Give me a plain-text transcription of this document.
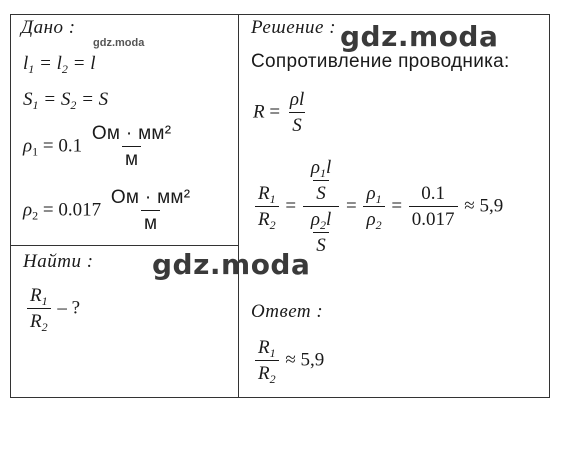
Дано :
gdz.moda
$l_1 = l_2 = l$
$S_1 = S_2 = S$
$\rho_1 = 0.1 \frac{\text{Ом · мм²}}{м}$
$\rho_2 = 0.017 \frac{\text{Ом · мм²}}{м}$
Найти :
$\frac{R_1}{R_2}$ – ?
Решение :
Сопротивление проводника:
$R = \frac{\rho l}{S}$
$\frac{R_1}{R_2} = \frac{\frac{\rho_1l}{S}}{\frac{\rho_2l}{S}} = \frac{\rho_1}{\rho_2} = \frac{0.1}{0.017} \approx 5,9$
Ответ :
$\frac{R_1}{R_2} \approx 5,9$
gdz.moda
gdz.moda
